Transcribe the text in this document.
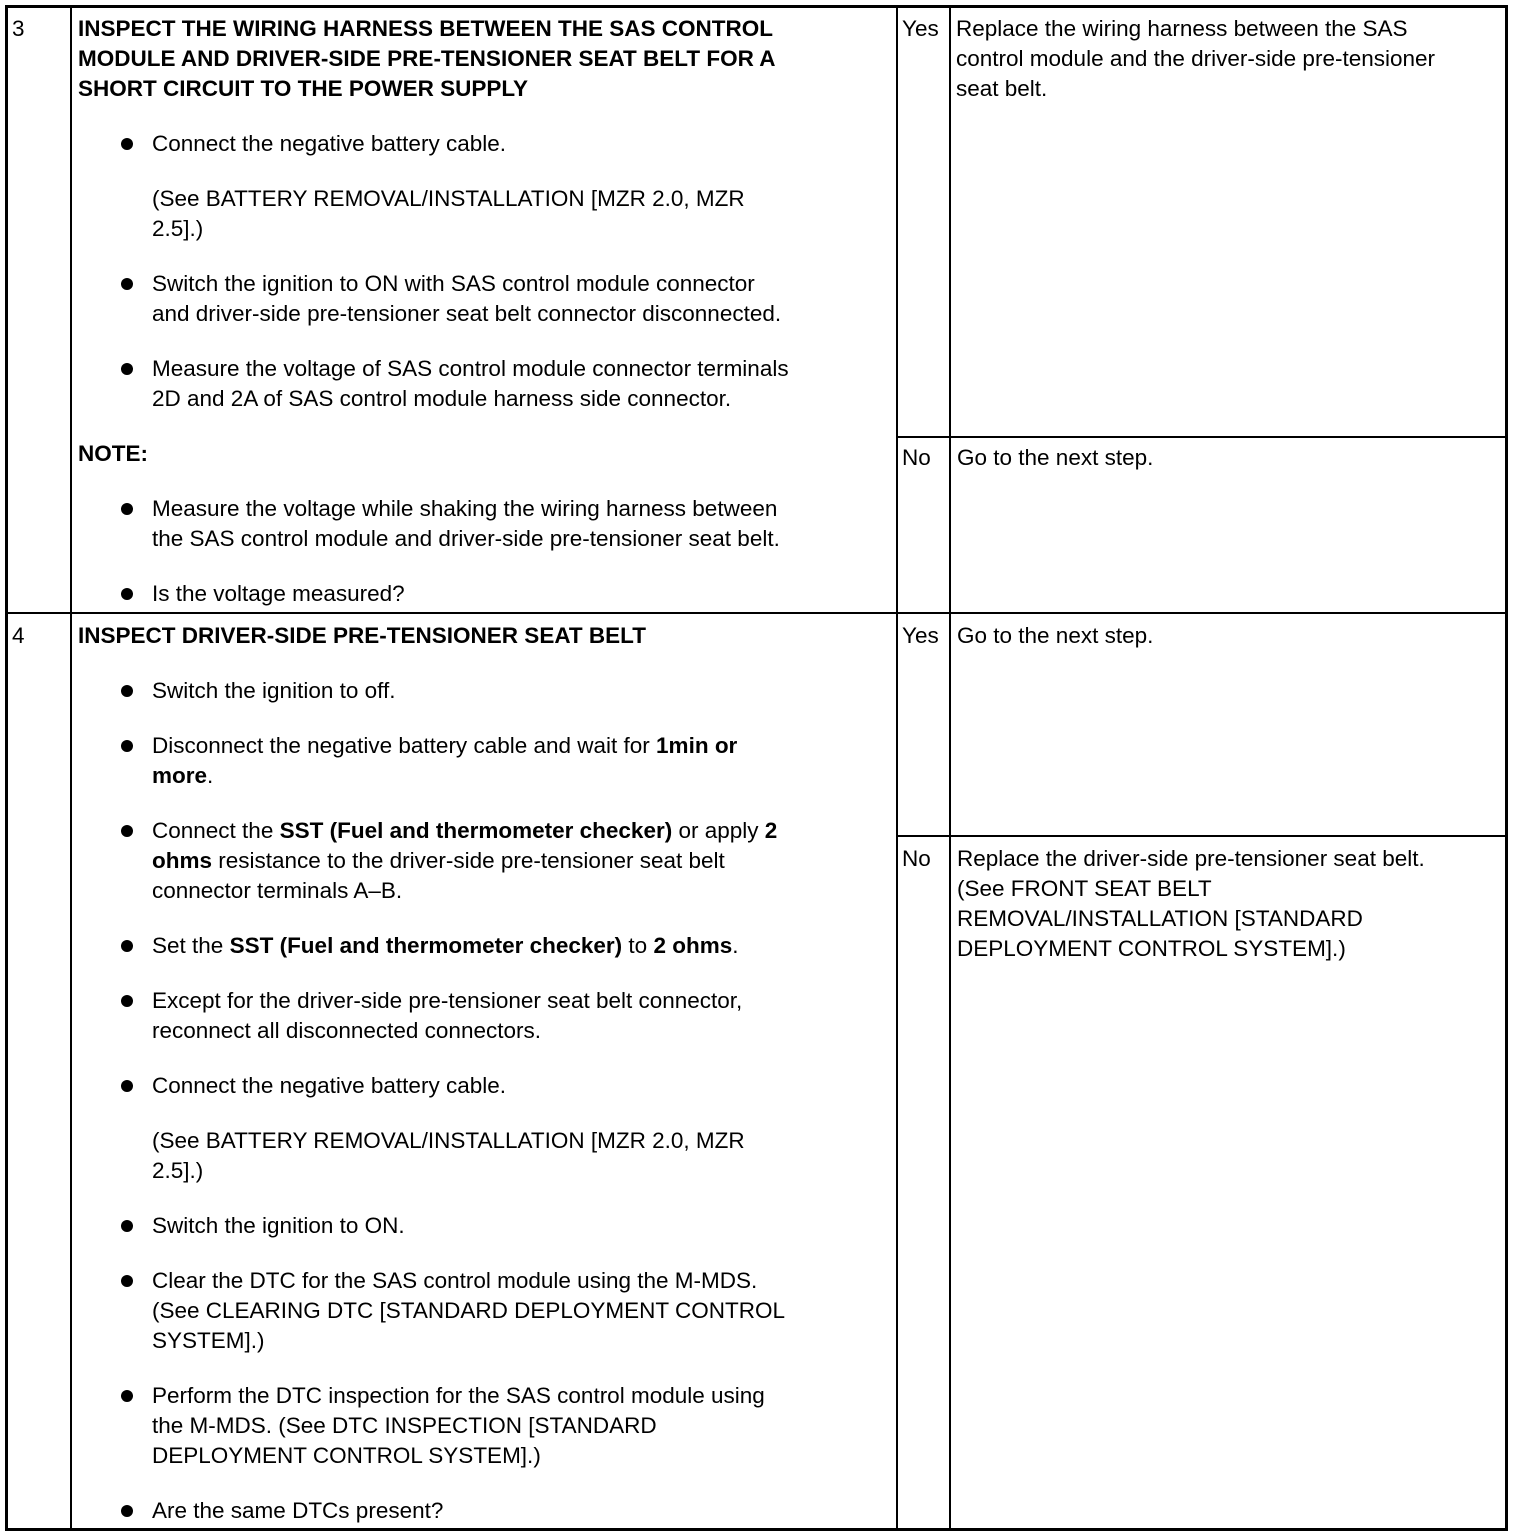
3 INSPECT THE WIRING HARNESS BETWEEN THE SAS CONTROL
MODULE AND DRIVER-SIDE PRE-TENSIONER SEAT BELT FOR A
SHORT CIRCUIT TO THE POWER SUPPLY
Connect the negative battery cable.
(See BATTERY REMOVAL/INSTALLATION [MZR 2.0, MZR
2.5].)
Switch the ignition to ON with SAS control module connector
and driver-side pre-tensioner seat belt connector disconnected.
Measure the voltage of SAS control module connector terminals
2D and 2A of SAS control module harness side connector.
NOTE:
Measure the voltage while shaking the wiring harness between
the SAS control module and driver-side pre-tensioner seat belt.
Is the voltage measured?
Yes Replace the wiring harness between the SAS
control module and the driver-side pre-tensioner
seat belt.
No Go to the next step.
4 INSPECT DRIVER-SIDE PRE-TENSIONER SEAT BELT
Switch the ignition to off.
Disconnect the negative battery cable and wait for 1min or
more.
Connect the SST (Fuel and thermometer checker) or apply 2
ohms resistance to the driver-side pre-tensioner seat belt
connector terminals A–B.
Set the SST (Fuel and thermometer checker) to 2 ohms.
Except for the driver-side pre-tensioner seat belt connector,
reconnect all disconnected connectors.
Connect the negative battery cable.
(See BATTERY REMOVAL/INSTALLATION [MZR 2.0, MZR
2.5].)
Switch the ignition to ON.
Clear the DTC for the SAS control module using the M-MDS.
(See CLEARING DTC [STANDARD DEPLOYMENT CONTROL
SYSTEM].)
Perform the DTC inspection for the SAS control module using
the M-MDS. (See DTC INSPECTION [STANDARD
DEPLOYMENT CONTROL SYSTEM].)
Are the same DTCs present?
Yes Go to the next step.
No Replace the driver-side pre-tensioner seat belt.
(See FRONT SEAT BELT
REMOVAL/INSTALLATION [STANDARD
DEPLOYMENT CONTROL SYSTEM].)
